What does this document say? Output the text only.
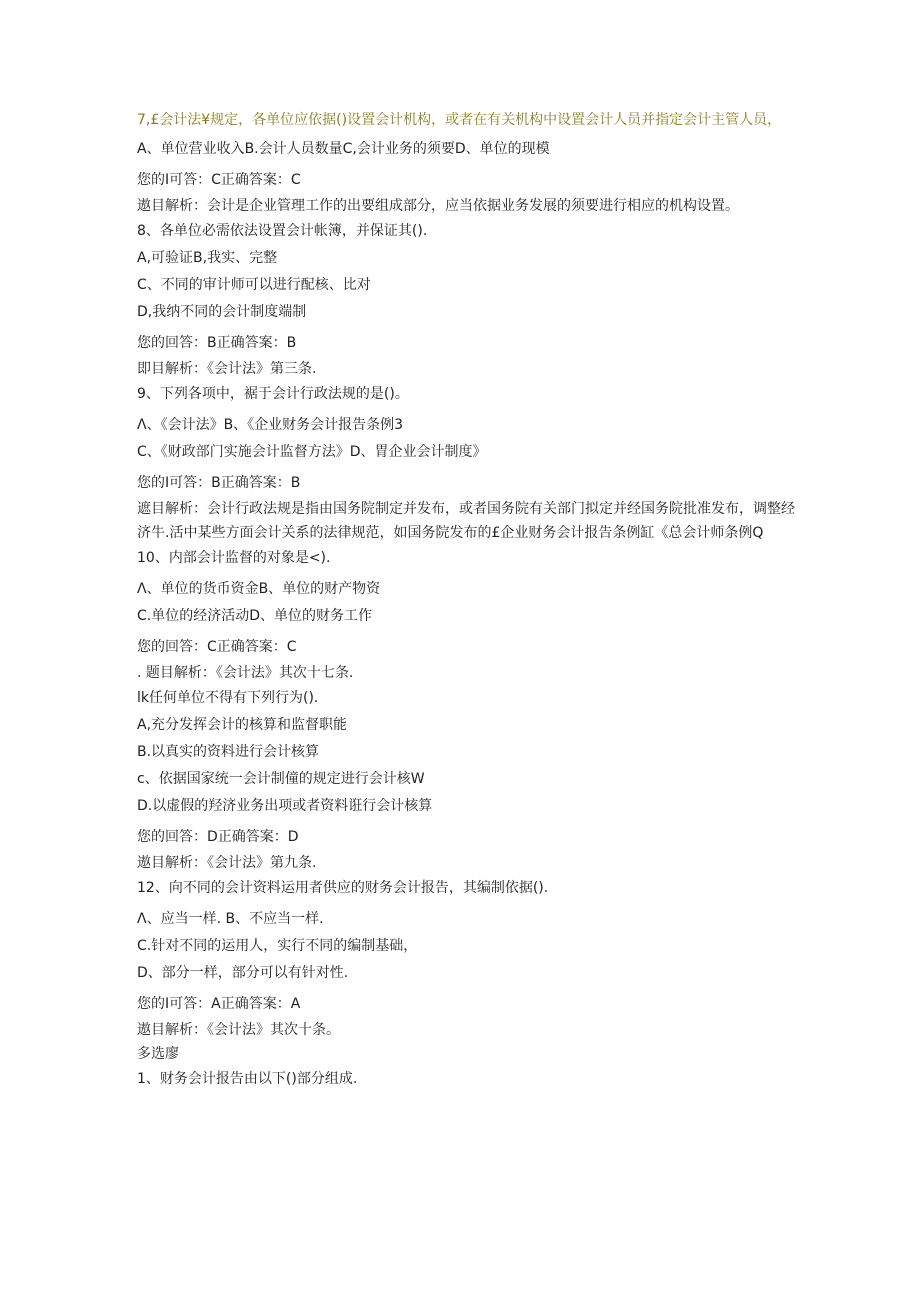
7,£会计法¥规定，各单位应依据()设置会计机构，或者在有关机构中设置会计人员并指定会计主管人员，

A、单位营业收入B.会计人员数量C,会计业务的须要D、单位的现模

您的I可答：C正确答案：C

遨目解析：会计是企业管理工作的出要组成部分，应当依据业务发展的须要进行相应的机构设置。

8、各单位必需依法设置会计帐簿，并保证其().

A,可验证B,我实、完整

C、不同的审计师可以进行配核、比对

D,我纳不同的会计制度端制

您的回答：B正确答案：B

即目解析：《会计法》第三条.

9、下列各项中，裾于会计行政法规的是()。

Λ、《会计法》B、《企业财务会计报告条例3

C、《财政部门实施会计监督方法》D、胃企业会计制度》

您的I可答：B正确答案：B

遮目解析：会计行政法规是指由国务院制定并发布，或者国务院有关部门拟定并经国务院批准发布，调整经济牛.活中某些方面会计关系的法律规范，如国务院发布的£企业财务会计报告条例缸《总会计师条例Q

10、内部会计监督的对象是<).

Λ、单位的货币资金B、单位的财产物资

C.单位的经济活动D、单位的财务工作

您的回答：C正确答案：C

. 题目解析：《会计法》其次十七条.

lk任何单位不得有下列行为().

A,充分发挥会计的核算和监督职能

B.以真实的资料进行会计核算

c、依据国家统一会计制僮的规定进行会计核W

D.以虚假的羟济业务出项或者资料诳行会计核算

您的回答：D正确答案：D

遨目解析：《会计法》第九条.

12、向不同的会计资料运用者供应的财务会计报告，其编制依据().

Λ、应当一样. B、不应当一样.

C.针对不同的运用人，实行不同的编制基础，

D、部分一样，部分可以有针对性.

您的I可答：A正确答案：A

遨目解析：《会计法》其次十条。

多选廖

1、财务会计报告由以下()部分组成.
